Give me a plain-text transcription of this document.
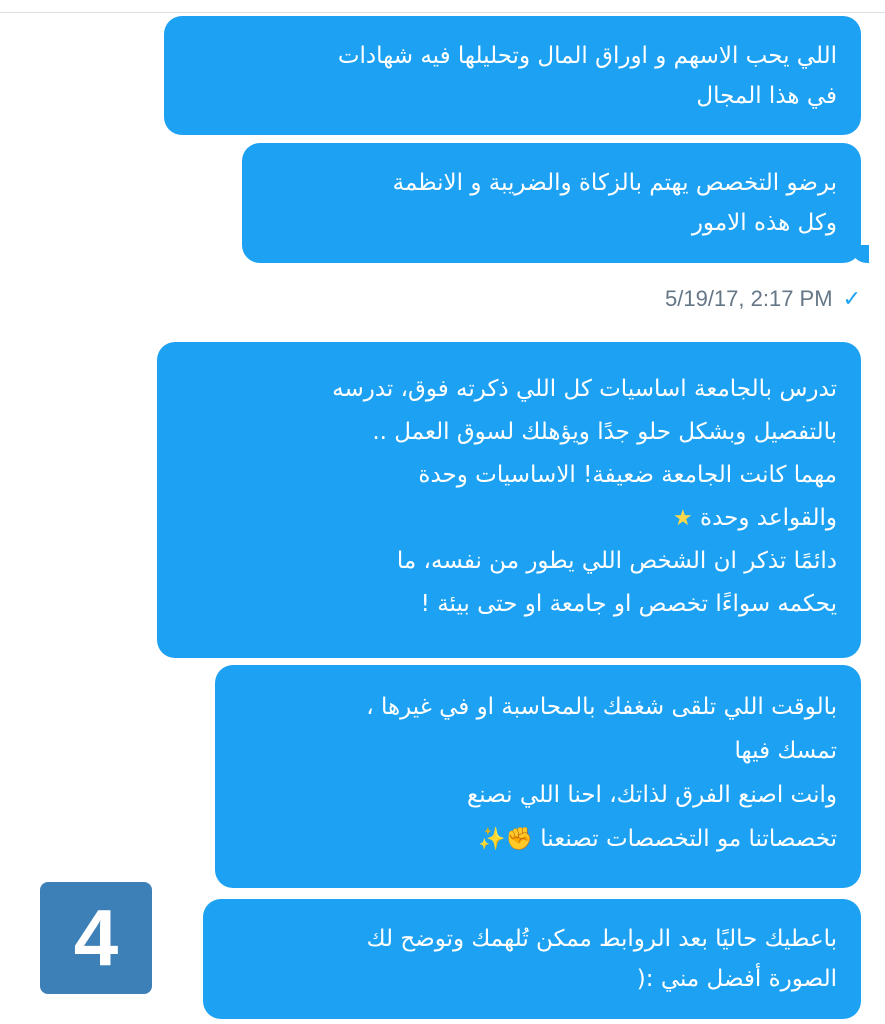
اللي يحب الاسهم و اوراق المال وتحليلها فيه شهادات
في هذا المجال
برضو التخصص يهتم بالزكاة والضريبة و الانظمة
وكل هذه الامور
5/19/17, 2:17 PM ✓
تدرس بالجامعة اساسيات كل اللي ذكرته فوق، تدرسه
بالتفصيل وبشكل حلو جدًا ويؤهلك لسوق العمل ..
مهما كانت الجامعة ضعيفة! الاساسيات وحدة
والقواعد وحدة ★
دائمًا تذكر ان الشخص اللي يطور من نفسه، ما
يحكمه سواءًا تخصص او جامعة او حتى بيئة !
بالوقت اللي تلقى شغفك بالمحاسبة او في غيرها ،
تمسك فيها
وانت اصنع الفرق لذاتك، احنا اللي نصنع
تخصصاتنا مو التخصصات تصنعنا ✊✨
باعطيك حاليًا بعد الروابط ممكن تُلهمك وتوضح لك
الصورة أفضل مني :(
4
